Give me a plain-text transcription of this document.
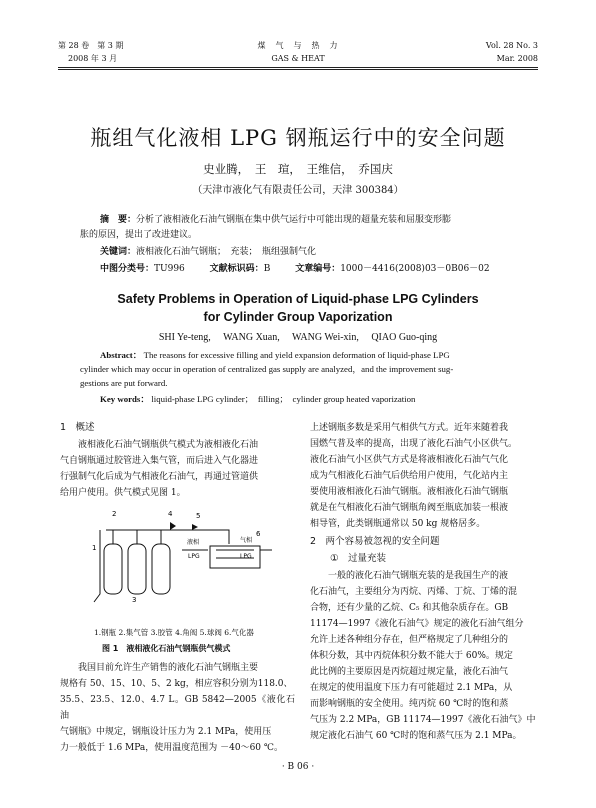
第 28 卷　第 3 期
2008 年 3 月
煤　气　与　热　力
GAS & HEAT
Vol. 28 No. 3
Mar. 2008
瓶组气化液相 LPG 钢瓶运行中的安全问题
史业腾，　王　瑄，　王维信，　乔国庆
（天津市液化气有限责任公司，天津 300384）
摘　要：分析了液相液化石油气钢瓶在集中供气运行中可能出现的超量充装和屈服变形膨
胀的原因，提出了改进建议。
关键词：液相液化石油气钢瓶；　充装；　瓶组强制气化
中图分类号：TU996	文献标识码：B	文章编号：1000－4416(2008)03－0B06－02
Safety Problems in Operation of Liquid-phase LPG Cylinders
for Cylinder Group Vaporization
SHI Ye-teng,　 WANG Xuan,　 WANG Wei-xin,　 QIAO Guo-qing
Abstract： The reasons for excessive filling and yield expansion deformation of liquid-phase LPG
cylinder which may occur in operation of centralized gas supply are analyzed，and the improvement sug-
gestions are put forward.
Key words： liquid-phase LPG cylinder；　filling；　cylinder group heated vaporization
1　概述
液相液化石油气钢瓶供气模式为液相液化石油
气自钢瓶通过胶管进入集气管，而后进入气化器进
行强制气化后成为气相液化石油气，再通过管道供
给用户使用。供气模式见图 1。
液相
LPG
气相
LPG
1
2
3
4	5
6
1.钢瓶 2.集气管 3.胶管 4.角阀 5.球阀 6.气化器
图 1　液相液化石油气钢瓶供气模式
我国目前允许生产销售的液化石油气钢瓶主要
规格有 50、15、10、5、2 kg，相应容积分别为118.0、
35.5、23.5、12.0、4.7 L。GB 5842—2005《液化石油
气钢瓶》中规定，钢瓶设计压力为 2.1 MPa，使用压
力一般低于 1.6 MPa，使用温度范围为 －40～60 ℃。
上述钢瓶多数是采用气相供气方式。近年来随着我
国燃气普及率的提高，出现了液化石油气小区供气。
液化石油气小区供气方式是将液相液化石油气气化
成为气相液化石油气后供给用户使用，气化站内主
要使用液相液化石油气钢瓶。液相液化石油气钢瓶
就是在气相液化石油气钢瓶角阀至瓶底加装一根液
相导管，此类钢瓶通常以 50 kg 规格居多。
2　两个容易被忽视的安全问题
①　过量充装
一般的液化石油气钢瓶充装的是我国生产的液
化石油气，主要组分为丙烷、丙烯、丁烷、丁烯的混
合物，还有少量的乙烷、C₅ 和其他杂质存在。GB
11174—1997《液化石油气》规定的液化石油气组分
允许上述各种组分存在，但严格规定了几种组分的
体积分数，其中丙烷体积分数不能大于 60%。规定
此比例的主要原因是丙烷超过规定量，液化石油气
在规定的使用温度下压力有可能超过 2.1 MPa，从
而影响钢瓶的安全使用。纯丙烷 60 ℃时的饱和蒸
气压为 2.2 MPa，GB 11174—1997《液化石油气》中
规定液化石油气 60 ℃时的饱和蒸气压为 2.1 MPa。
· B 06 ·
